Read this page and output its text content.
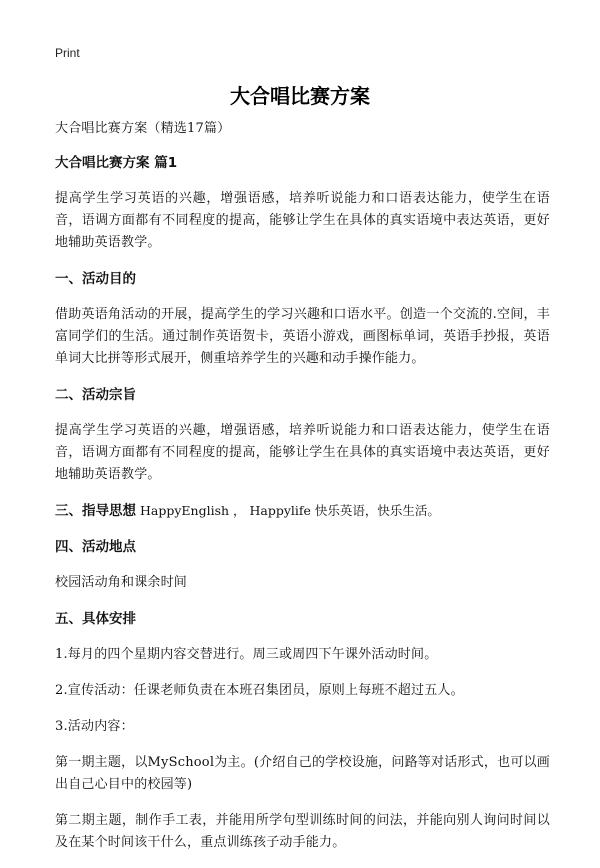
Print
大合唱比赛方案

大合唱比赛方案（精选17篇）

大合唱比赛方案 篇1

提高学生学习英语的兴趣，增强语感，培养听说能力和口语表达能力，使学生在语音，语调方面都有不同程度的提高，能够让学生在具体的真实语境中表达英语，更好地辅助英语教学。

一、活动目的

借助英语角活动的开展，提高学生的学习兴趣和口语水平。创造一个交流的.空间，丰富同学们的生活。通过制作英语贺卡，英语小游戏，画图标单词，英语手抄报，英语单词大比拼等形式展开，侧重培养学生的兴趣和动手操作能力。

二、活动宗旨

提高学生学习英语的兴趣，增强语感，培养听说能力和口语表达能力，使学生在语音，语调方面都有不同程度的提高，能够让学生在具体的真实语境中表达英语，更好地辅助英语教学。

三、指导思想 HappyEnglish ， Happylife 快乐英语，快乐生活。

四、活动地点

校园活动角和课余时间

五、具体安排

1.每月的四个星期内容交替进行。周三或周四下午课外活动时间。

2.宣传活动：任课老师负责在本班召集团员，原则上每班不超过五人。

3.活动内容：

第一期主题，以MySchool为主。(介绍自己的学校设施，问路等对话形式，也可以画出自己心目中的校园等)

第二期主题，制作手工表，并能用所学句型训练时间的问法，并能向别人询问时间以及在某个时间该干什么，重点训练孩子动手能力。
